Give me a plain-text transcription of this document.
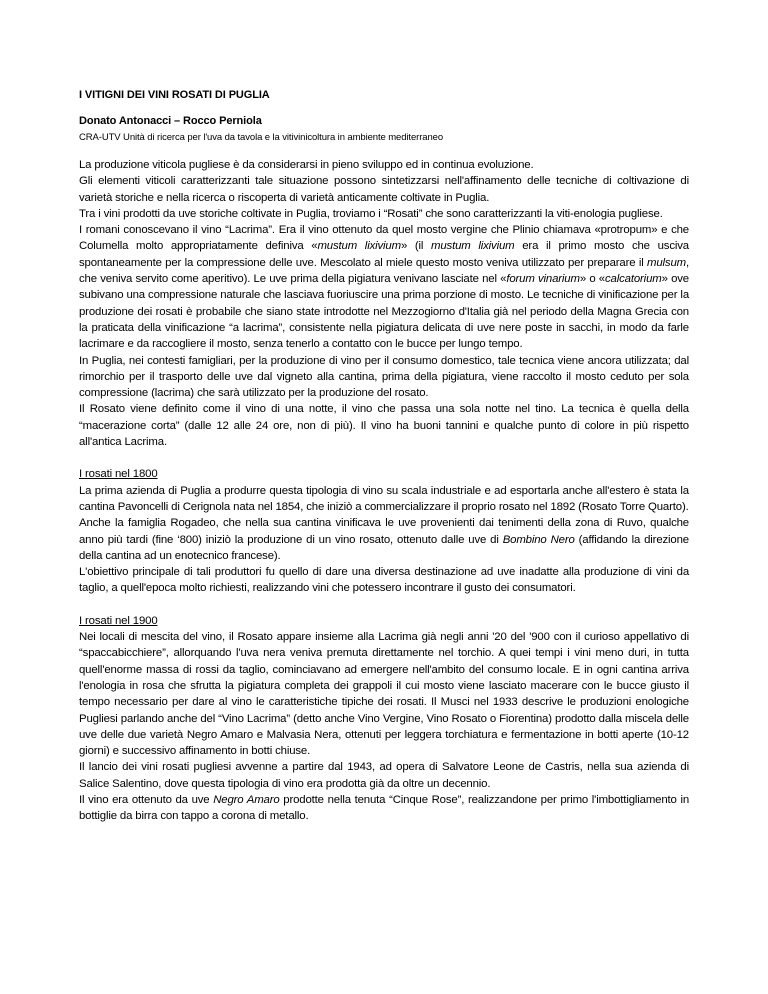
I VITIGNI DEI VINI ROSATI DI PUGLIA

Donato Antonacci – Rocco Perniola

CRA-UTV Unità di ricerca per l'uva da tavola e la vitivinicoltura in ambiente mediterraneo

La produzione viticola pugliese è da considerarsi in pieno sviluppo ed in continua evoluzione.

Gli elementi viticoli caratterizzanti tale situazione possono sintetizzarsi nell'affinamento delle tecniche di coltivazione di varietà storiche e nella ricerca o riscoperta di varietà anticamente coltivate in Puglia.

Tra i vini prodotti da uve storiche coltivate in Puglia, troviamo i “Rosati” che sono caratterizzanti la viti-enologia pugliese.

I romani conoscevano il vino “Lacrima”. Era il vino ottenuto da quel mosto vergine che Plinio chiamava «protropum» e che Columella molto appropriatamente definiva «mustum lixivium» (il mustum lixivium era il primo mosto che usciva spontaneamente per la compressione delle uve. Mescolato al miele questo mosto veniva utilizzato per preparare il mulsum, che veniva servito come aperitivo). Le uve prima della pigiatura venivano lasciate nel «forum vinarium» o «calcatorium» ove subivano una compressione naturale che lasciava fuoriuscire una prima porzione di mosto. Le tecniche di vinificazione per la produzione dei rosati è probabile che siano state introdotte nel Mezzogiorno d'Italia già nel periodo della Magna Grecia con la praticata della vinificazione “a lacrima”, consistente nella pigiatura delicata di uve nere poste in sacchi, in modo da farle lacrimare e da raccogliere il mosto, senza tenerlo a contatto con le bucce per lungo tempo.

In Puglia, nei contesti famigliari, per la produzione di vino per il consumo domestico, tale tecnica viene ancora utilizzata; dal rimorchio per il trasporto delle uve dal vigneto alla cantina, prima della pigiatura, viene raccolto il mosto ceduto per sola compressione (lacrima) che sarà utilizzato per la produzione del rosato.

Il Rosato viene definito come il vino di una notte, il vino che passa una sola notte nel tino. La tecnica è quella della “macerazione corta” (dalle 12 alle 24 ore, non di più). Il vino ha buoni tannini e qualche punto di colore in più rispetto all'antica Lacrima.

I rosati nel 1800

La prima azienda di Puglia a produrre questa tipologia di vino su scala industriale e ad esportarla anche all'estero è stata la cantina Pavoncelli di Cerignola nata nel 1854, che iniziò a commercializzare il proprio rosato nel 1892 (Rosato Torre Quarto).

Anche la famiglia Rogadeo, che nella sua cantina vinificava le uve provenienti dai tenimenti della zona di Ruvo, qualche anno più tardi (fine ‘800) iniziò la produzione di un vino rosato, ottenuto dalle uve di Bombino Nero (affidando la direzione della cantina ad un enotecnico francese).

L'obiettivo principale di tali produttori fu quello di dare una diversa destinazione ad uve inadatte alla produzione di vini da taglio, a quell'epoca molto richiesti, realizzando vini che potessero incontrare il gusto dei consumatori.

I rosati nel 1900

Nei locali di mescita del vino, il Rosato appare insieme alla Lacrima già negli anni '20 del '900 con il curioso appellativo di “spaccabicchiere”, allorquando l'uva nera veniva premuta direttamente nel torchio. A quei tempi i vini meno duri, in tutta quell'enorme massa di rossi da taglio, cominciavano ad emergere nell'ambito del consumo locale. E in ogni cantina arriva l'enologia in rosa che sfrutta la pigiatura completa dei grappoli il cui mosto viene lasciato macerare con le bucce giusto il tempo necessario per dare al vino le caratteristiche tipiche dei rosati. Il Musci nel 1933 descrive le produzioni enologiche Pugliesi parlando anche del “Vino Lacrima” (detto anche Vino Vergine, Vino Rosato o Fiorentina) prodotto dalla miscela delle uve delle due varietà Negro Amaro e Malvasia Nera, ottenuti per leggera torchiatura e fermentazione in botti aperte (10-12 giorni) e successivo affinamento in botti chiuse.

Il lancio dei vini rosati pugliesi avvenne a partire dal 1943, ad opera di Salvatore Leone de Castris, nella sua azienda di Salice Salentino, dove questa tipologia di vino era prodotta già da oltre un decennio.

Il vino era ottenuto da uve Negro Amaro prodotte nella tenuta “Cinque Rose”, realizzandone per primo l'imbottigliamento in bottiglie da birra con tappo a corona di metallo.
